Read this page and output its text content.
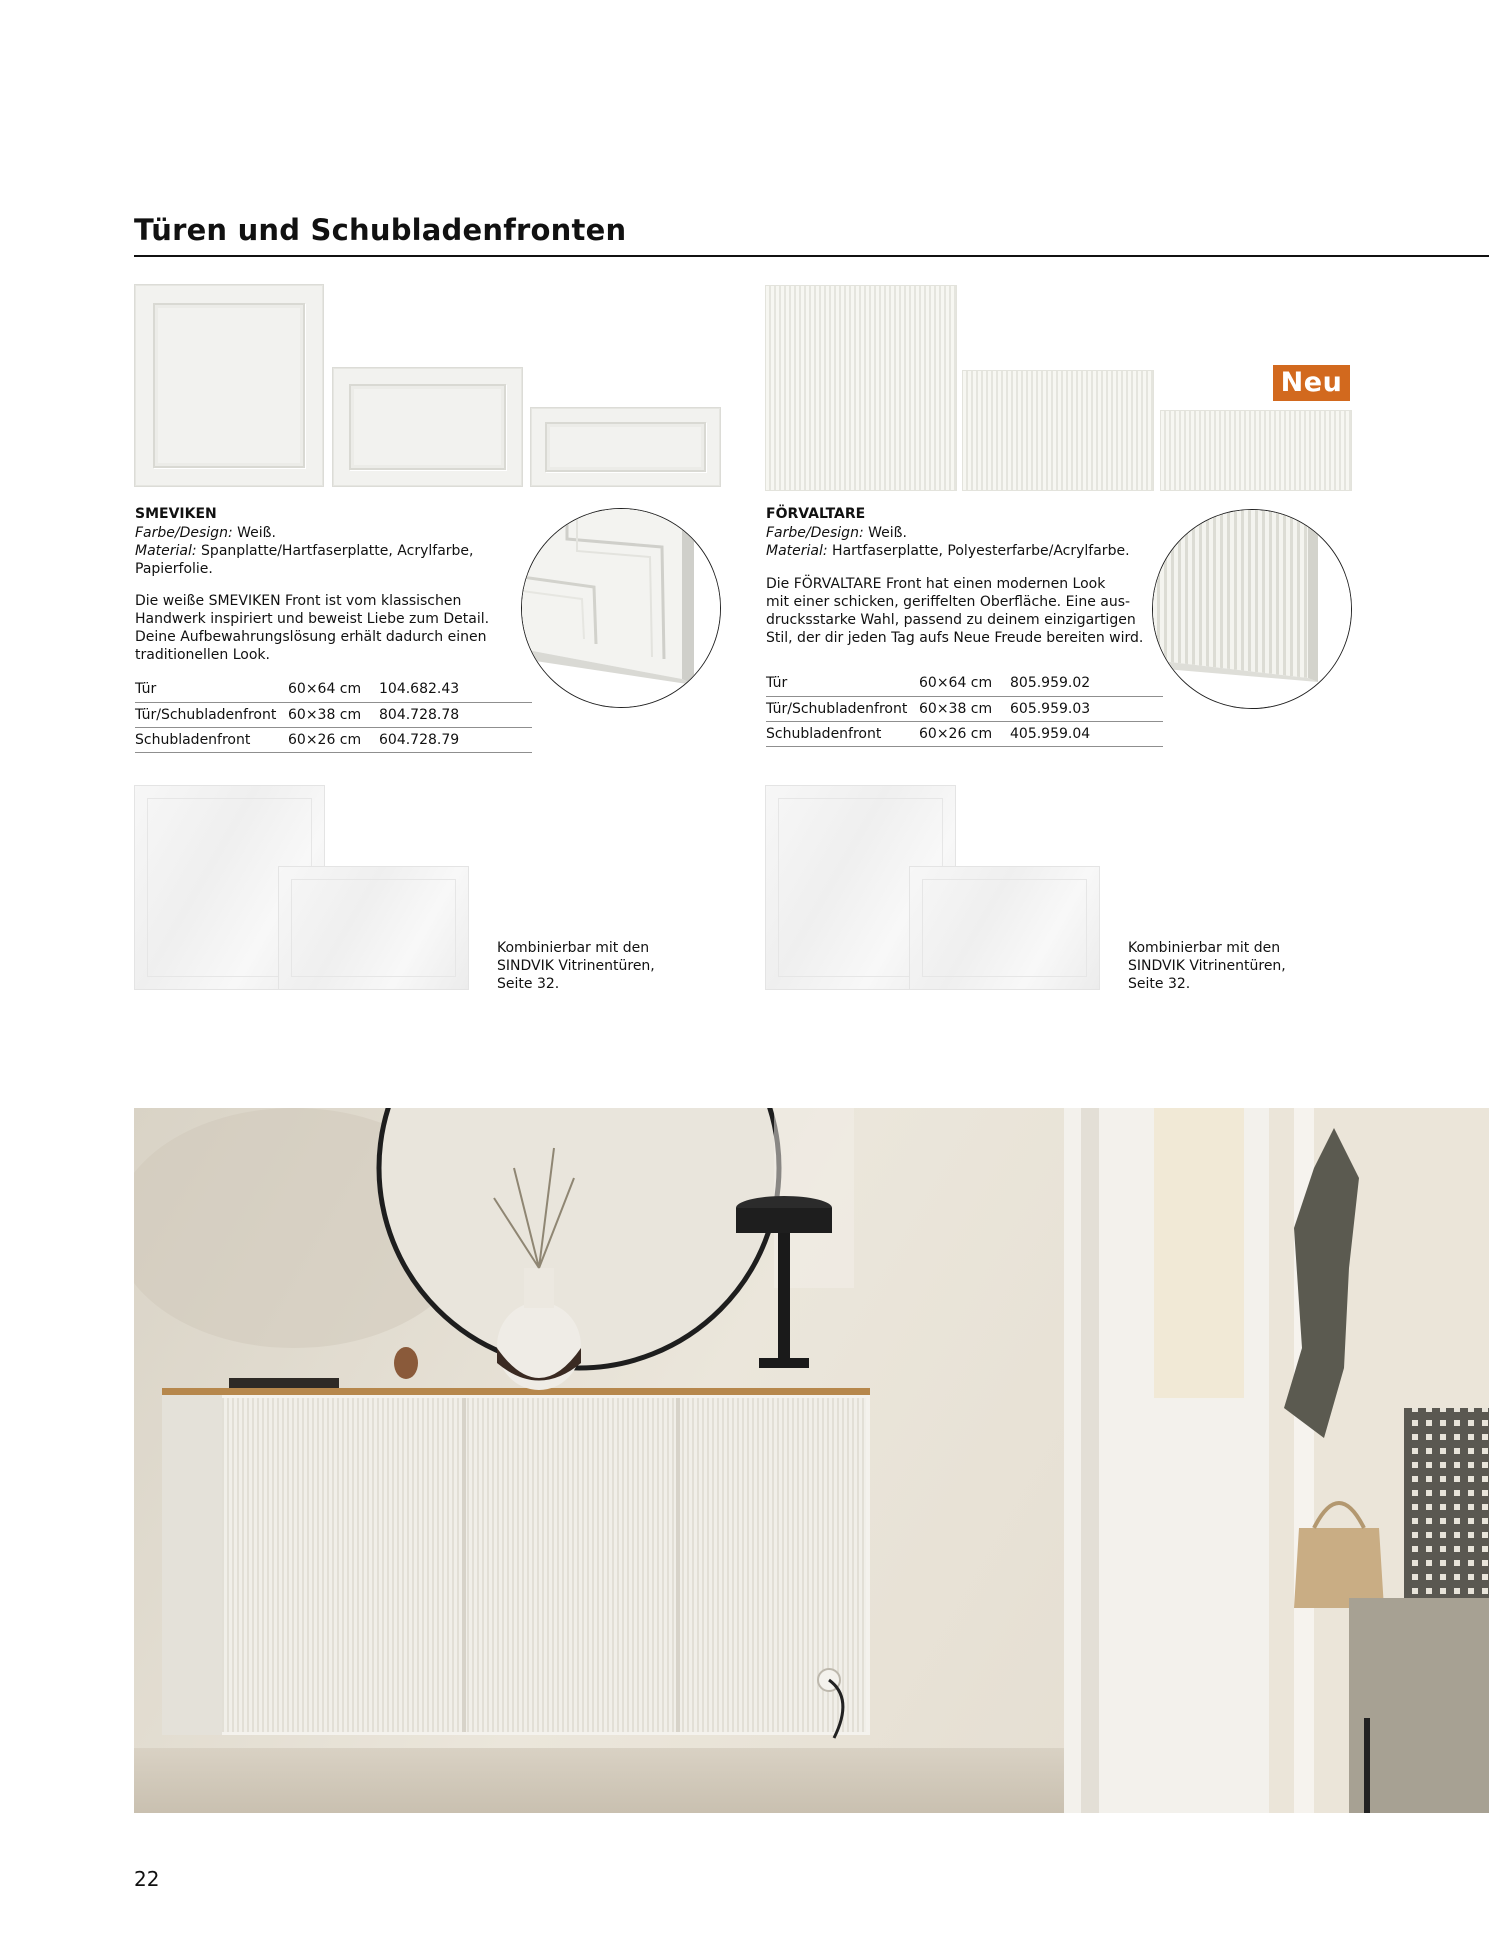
Türen und Schubladenfronten
Neu
SMEVIKEN
Farbe/Design: Weiß.
Material: Spanplatte/Hartfaserplatte, Acrylfarbe,
Papierfolie.
Die weiße SMEVIKEN Front ist vom klassischen
Handwerk inspiriert und beweist Liebe zum Detail.
Deine Aufbewahrungslösung erhält dadurch einen
traditionellen Look.
Tür	60×64 cm	104.682.43
Tür/Schubladenfront	60×38 cm	804.728.78
Schubladenfront	60×26 cm	604.728.79
FÖRVALTARE
Farbe/Design: Weiß.
Material: Hartfaserplatte, Polyesterfarbe/Acrylfarbe.
Die FÖRVALTARE Front hat einen modernen Look
mit einer schicken, geriffelten Oberfläche. Eine aus-
drucksstarke Wahl, passend zu deinem einzigartigen
Stil, der dir jeden Tag aufs Neue Freude bereiten wird.
Tür	60×64 cm	805.959.02
Tür/Schubladenfront	60×38 cm	605.959.03
Schubladenfront	60×26 cm	405.959.04
Kombinierbar mit den
SINDVIK Vitrinentüren,
Seite 32.
Kombinierbar mit den
SINDVIK Vitrinentüren,
Seite 32.
22
